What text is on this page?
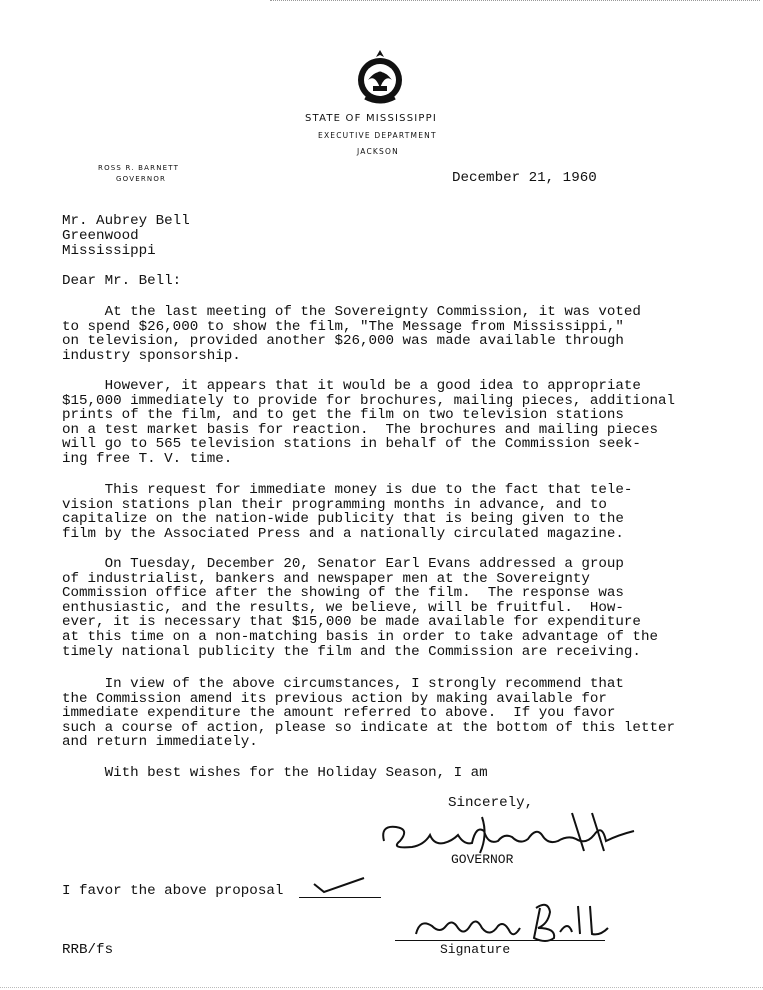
STATE OF MISSISSIPPI
EXECUTIVE DEPARTMENT
JACKSON
ROSS R. BARNETT
GOVERNOR	December 21, 1960
Mr. Aubrey Bell
Greenwood
Mississippi
Dear Mr. Bell:
At the last meeting of the Sovereignty Commission, it was voted
to spend $26,000 to show the film, "The Message from Mississippi,"
on television, provided another $26,000 was made available through
industry sponsorship.
However, it appears that it would be a good idea to appropriate
$15,000 immediately to provide for brochures, mailing pieces, additional
prints of the film, and to get the film on two television stations
on a test market basis for reaction.  The brochures and mailing pieces
will go to 565 television stations in behalf of the Commission seek-
ing free T. V. time.
This request for immediate money is due to the fact that tele-
vision stations plan their programming months in advance, and to
capitalize on the nation-wide publicity that is being given to the
film by the Associated Press and a nationally circulated magazine.
On Tuesday, December 20, Senator Earl Evans addressed a group
of industrialist, bankers and newspaper men at the Sovereignty
Commission office after the showing of the film.  The response was
enthusiastic, and the results, we believe, will be fruitful.  How-
ever, it is necessary that $15,000 be made available for expenditure
at this time on a non-matching basis in order to take advantage of the
timely national publicity the film and the Commission are receiving.
In view of the above circumstances, I strongly recommend that
the Commission amend its previous action by making available for
immediate expenditure the amount referred to above.  If you favor
such a course of action, please so indicate at the bottom of this letter
and return immediately.
With best wishes for the Holiday Season, I am
Sincerely,
GOVERNOR
I favor the above proposal
Signature
RRB/fs
